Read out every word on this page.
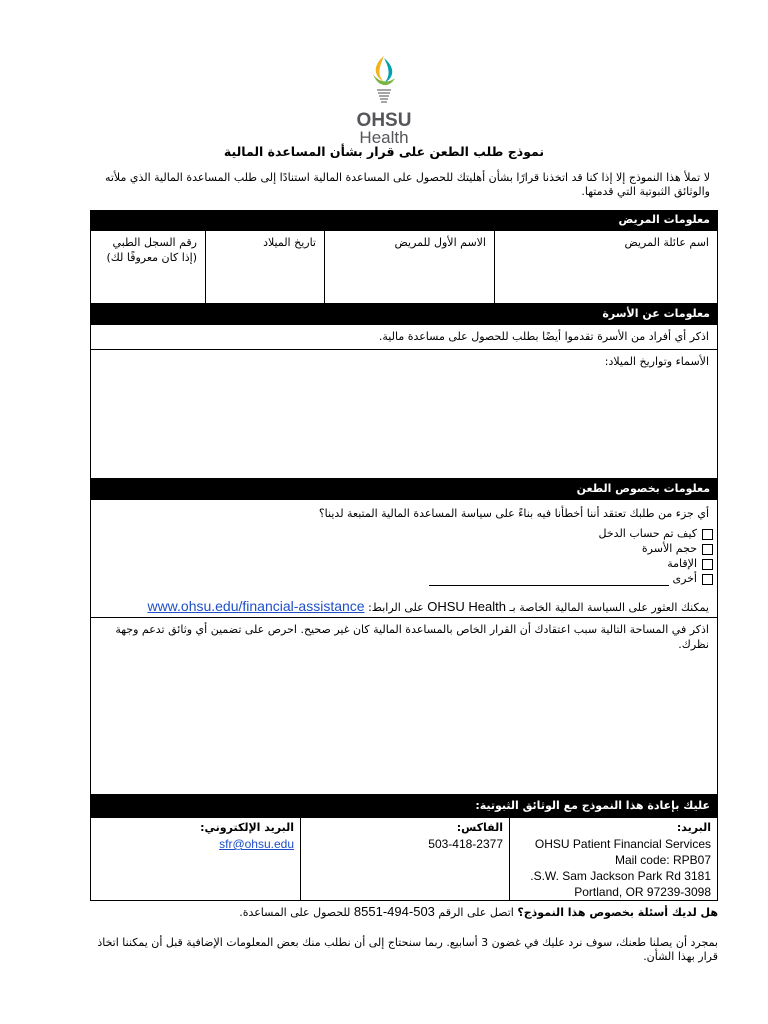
OHSU
Health
نموذج طلب الطعن على قرار بشأن المساعدة المالية
لا تملأ هذا النموذج إلا إذا كنا قد اتخذنا قرارًا بشأن أهليتك للحصول على المساعدة المالية استنادًا إلى طلب المساعدة المالية الذي ملأته والوثائق الثبوتية التي قدمتها.
معلومات المريض
اسم عائلة المريض
الاسم الأول للمريض
تاريخ الميلاد
رقم السجل الطبي
(إذا كان معروفًا لك)
معلومات عن الأسرة
اذكر أي أفراد من الأسرة تقدموا أيضًا بطلب للحصول على مساعدة مالية.
الأسماء وتواريخ الميلاد:
معلومات بخصوص الطعن
أي جزء من طلبك تعتقد أننا أخطأنا فيه بناءً على سياسة المساعدة المالية المتبعة لدينا؟
كيف تم حساب الدخل
حجم الأسرة
الإقامة
أخرى
يمكنك العثور على السياسة المالية الخاصة بـ OHSU Health على الرابط: www.ohsu.edu/financial-assistance
اذكر في المساحة التالية سبب اعتقادك أن القرار الخاص بالمساعدة المالية كان غير صحيح. احرص على تضمين أي وثائق تدعم وجهة نظرك.
عليك بإعادة هذا النموذج مع الوثائق الثبوتية:
البريد:
OHSU Patient Financial Services
Mail code: RPB07
3181 S.W. Sam Jackson Park Rd.
Portland, OR 97239-3098
الفاكس:
503-418-2377
البريد الإلكتروني:
sfr@ohsu.edu
هل لديك أسئلة بخصوص هذا النموذج؟ اتصل على الرقم 503-494-8551 للحصول على المساعدة.
بمجرد أن يصلنا طعنك، سوف نرد عليك في غضون 3 أسابيع. ربما سنحتاج إلى أن نطلب منك بعض المعلومات الإضافية قبل أن يمكننا اتخاذ قرار بهذا الشأن.
